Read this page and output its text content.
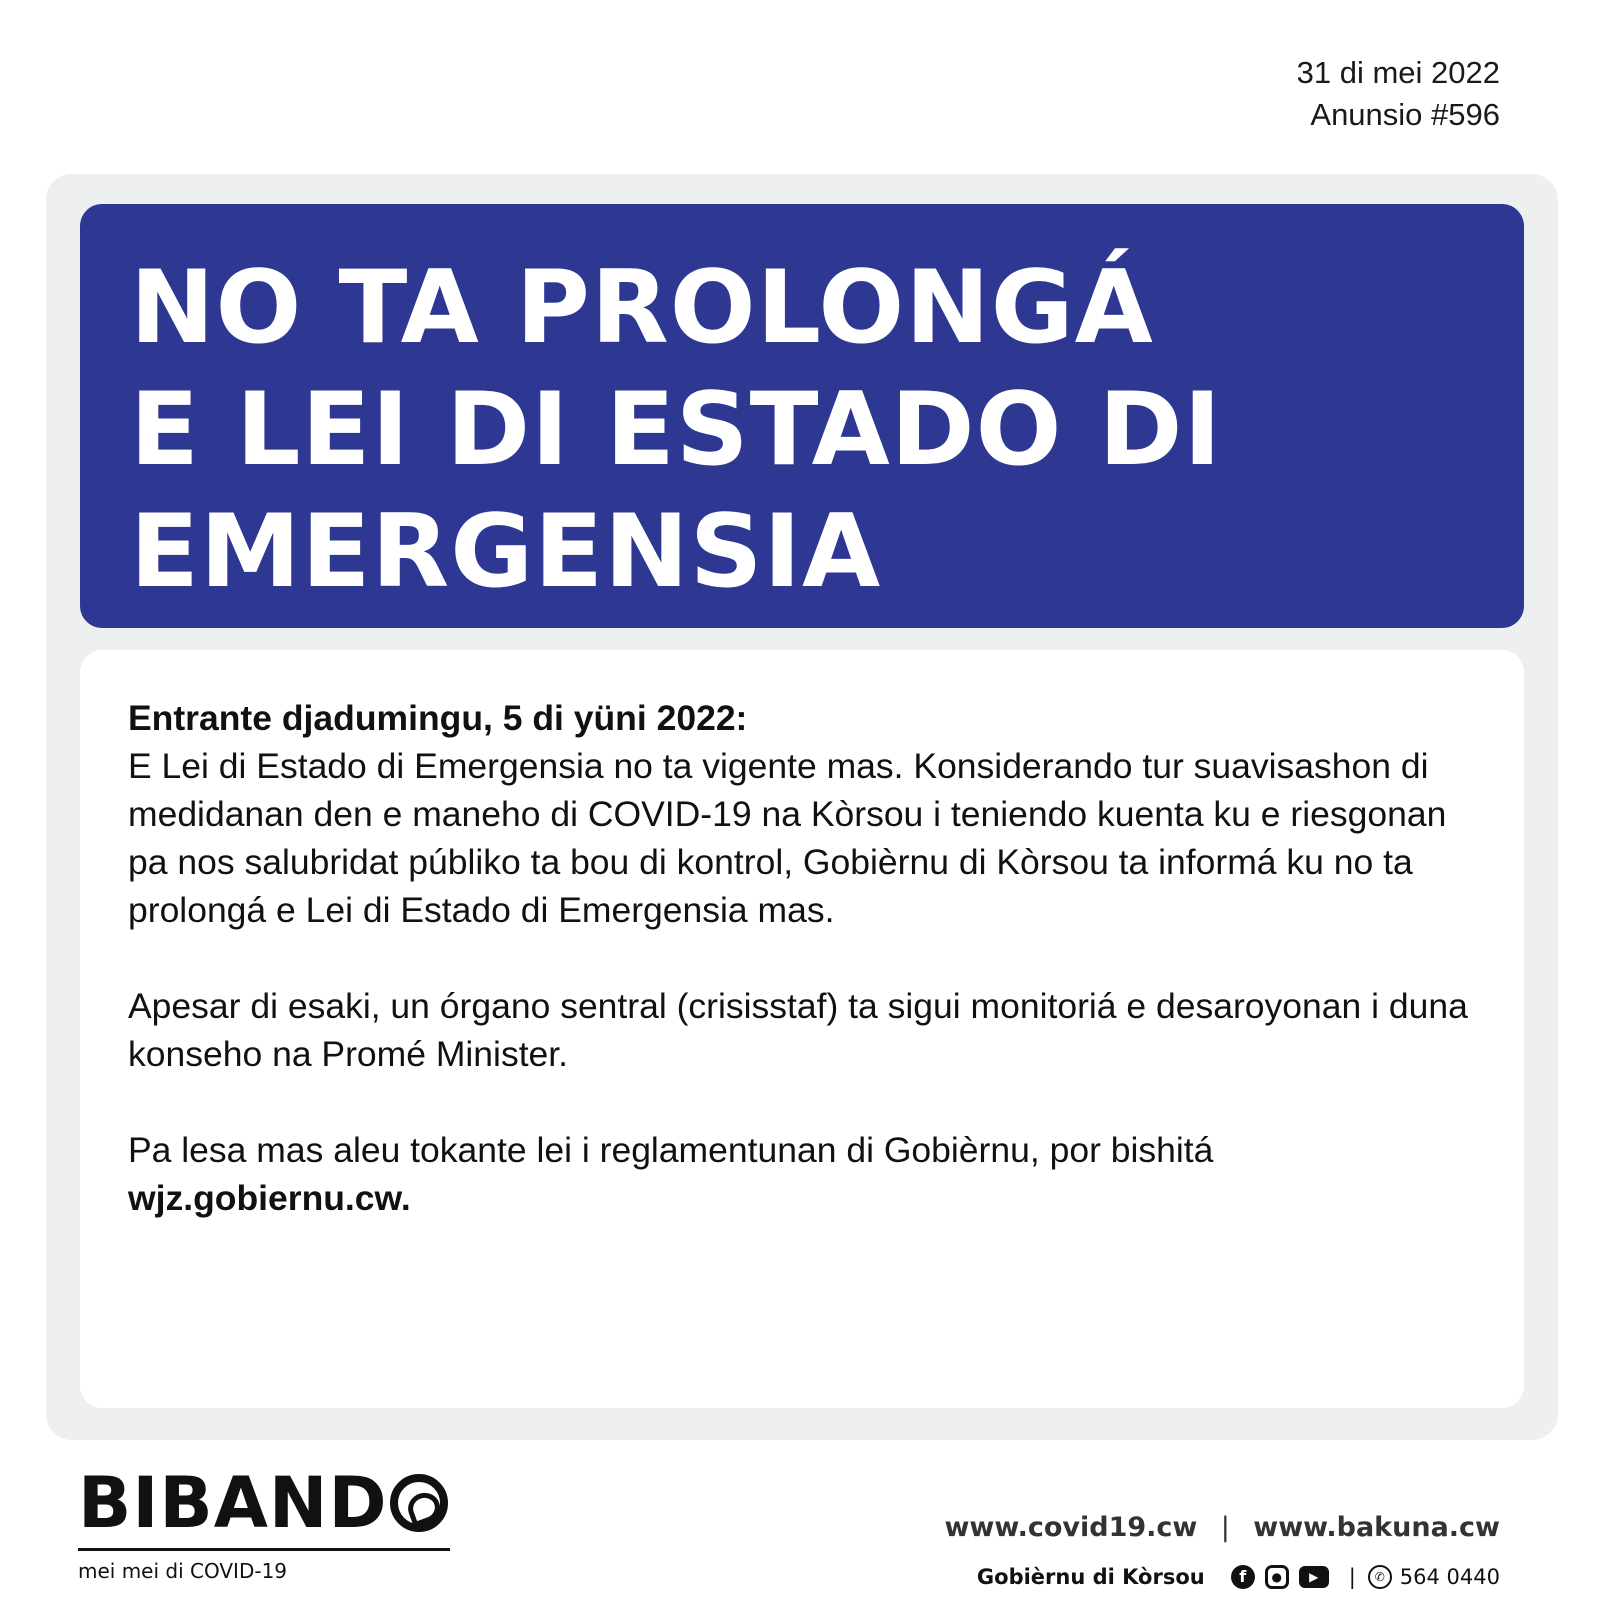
31 di mei 2022
Anunsio #596
NO TA PROLONGÁ
E LEI DI ESTADO DI
EMERGENSIA

Entrante djadumingu, 5 di yüni 2022:
E Lei di Estado di Emergensia no ta vigente mas. Konsiderando tur suavisashon di medidanan den e maneho di COVID-19 na Kòrsou i teniendo kuenta ku e riesgonan pa nos salubridat públiko ta bou di kontrol, Gobièrnu di Kòrsou ta informá ku no ta prolongá e Lei di Estado di Emergensia mas.

Apesar di esaki, un órgano sentral (crisisstaf) ta sigui monitoriá e desaroyonan i duna konseho na Promé Minister.

Pa lesa mas aleu tokante lei i reglamentunan di Gobièrnu, por bishitá
wjz.gobiernu.cw.

BIBAND
mei mei di COVID-19
www.covid19.cw | www.bakuna.cw
Gobièrnu di Kòrsou	f	●	▶	|	✆ 564 0440
